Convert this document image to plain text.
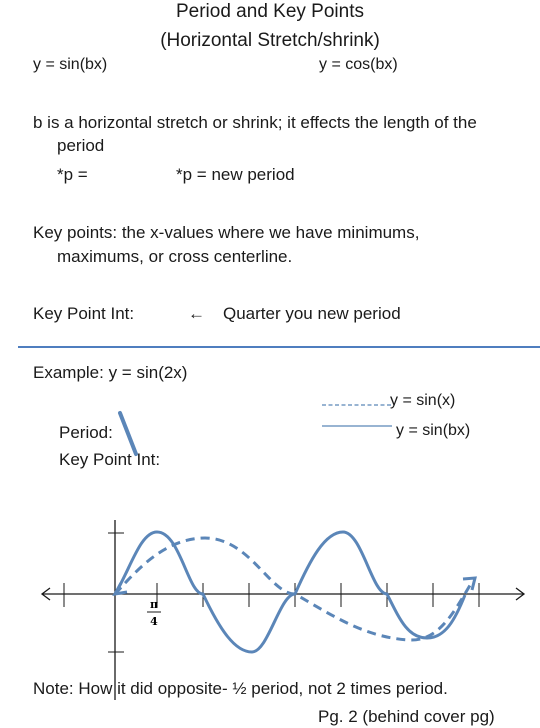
Period and Key Points
(Horizontal Stretch/shrink)
y = sin(bx)	y = cos(bx)
b is a horizontal stretch or shrink; it effects the length of the
period
*p =	*p = new period
Key points: the x-values where we have minimums,
maximums, or cross centerline.
Key Point Int:	← Quarter you new period
Example: y = sin(2x)
y = sin(x)
y = sin(bx)
Period:
Key Point Int:
π
4
Note: How it did opposite- ½ period, not 2 times period.
Pg. 2 (behind cover pg)
